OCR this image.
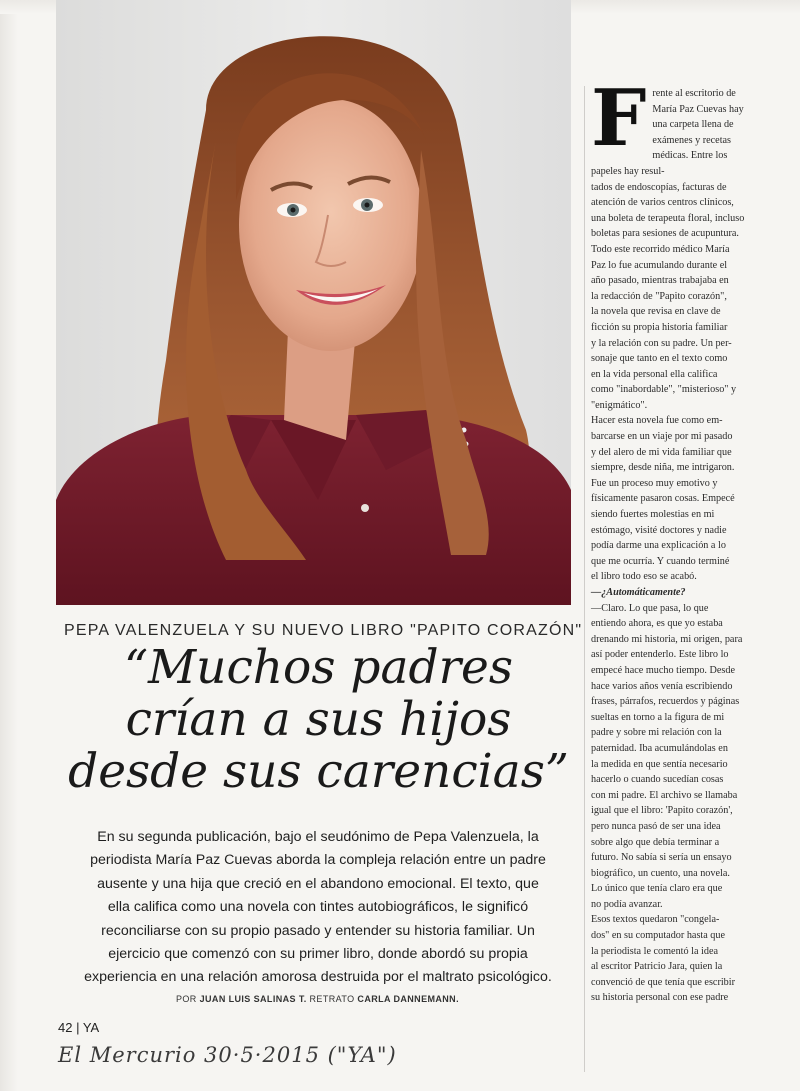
PEPA VALENZUELA Y SU NUEVO LIBRO "PAPITO CORAZÓN"
“Muchos padres
crían a sus hijos
desde sus carencias”
En su segunda publicación, bajo el seudónimo de Pepa Valenzuela, la
periodista María Paz Cuevas aborda la compleja relación entre un padre
ausente y una hija que creció en el abandono emocional. El texto, que
ella califica como una novela con tintes autobiográficos, le significó
reconciliarse con su propio pasado y entender su historia familiar. Un
ejercicio que comenzó con su primer libro, donde abordó su propia
experiencia en una relación amorosa destruida por el maltrato psicológico.
POR JUAN LUIS SALINAS T. RETRATO CARLA DANNEMANN.
42 | YA
El Mercurio 30·5·2015 ("YA")
F rente al escritorio de

María Paz Cuevas hay

una carpeta llena de

exámenes y recetas

médicas. Entre los

papeles hay resul-

tados de endoscopías, facturas de

atención de varios centros clínicos,

una boleta de terapeuta floral, incluso

boletas para sesiones de acupuntura.

Todo este recorrido médico María

Paz lo fue acumulando durante el

año pasado, mientras trabajaba en

la redacción de "Papito corazón",

la novela que revisa en clave de

ficción su propia historia familiar

y la relación con su padre. Un per-

sonaje que tanto en el texto como

en la vida personal ella califica

como "inabordable", "misterioso" y

"enigmático".

Hacer esta novela fue como em-

barcarse en un viaje por mi pasado

y del alero de mi vida familiar que

siempre, desde niña, me intrigaron.

Fue un proceso muy emotivo y

físicamente pasaron cosas. Empecé

siendo fuertes molestias en mi

estómago, visité doctores y nadie

podía darme una explicación a lo

que me ocurría. Y cuando terminé

el libro todo eso se acabó.

—¿Automáticamente?

—Claro. Lo que pasa, lo que

entiendo ahora, es que yo estaba

drenando mi historia, mi origen, para

así poder entenderlo. Este libro lo

empecé hace mucho tiempo. Desde

hace varios años venía escribiendo

frases, párrafos, recuerdos y páginas

sueltas en torno a la figura de mi

padre y sobre mi relación con la

paternidad. Iba acumulándolas en

la medida en que sentía necesario

hacerlo o cuando sucedían cosas

con mi padre. El archivo se llamaba

igual que el libro: 'Papito corazón',

pero nunca pasó de ser una idea

sobre algo que debía terminar a

futuro. No sabía si sería un ensayo

biográfico, un cuento, una novela.

Lo único que tenía claro era que

no podía avanzar.

Esos textos quedaron "congela-

dos" en su computador hasta que

la periodista le comentó la idea

al escritor Patricio Jara, quien la

convenció de que tenía que escribir

su historia personal con ese padre
